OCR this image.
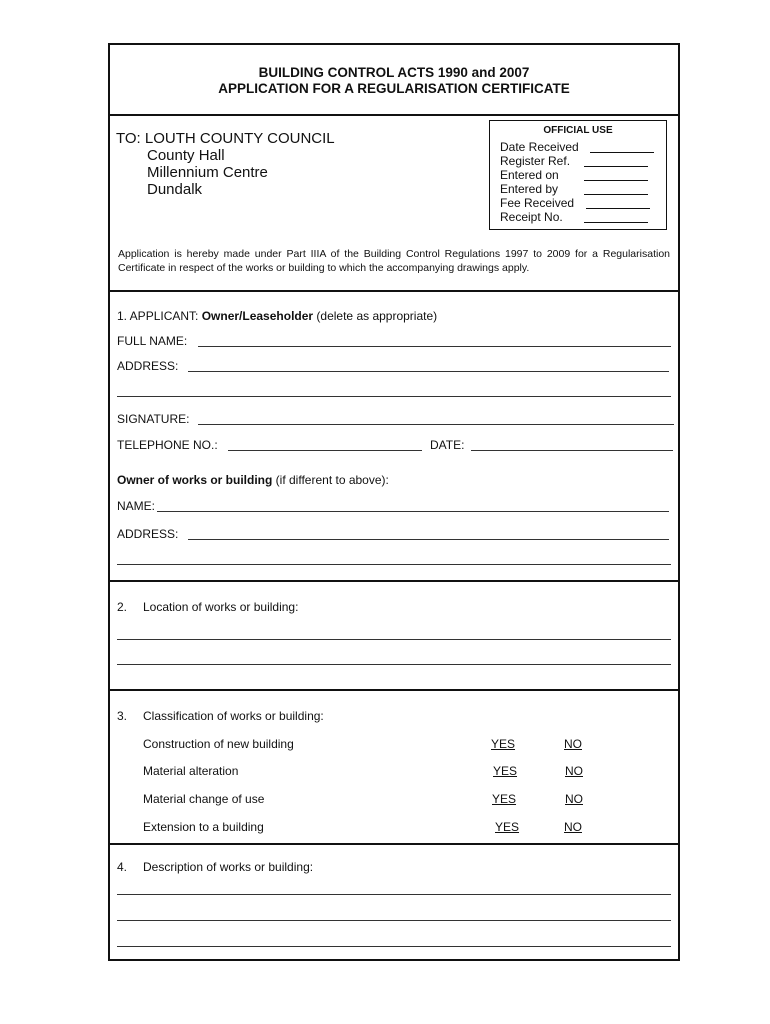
BUILDING CONTROL ACTS 1990 and 2007
APPLICATION FOR A REGULARISATION CERTIFICATE
TO: LOUTH COUNTY COUNCIL
County Hall
Millennium Centre
Dundalk
Application is hereby made under Part IIIA of the Building Control Regulations 1997 to 2009 for a Regularisation Certificate in respect of the works or building to which the accompanying drawings apply.
OFFICIAL USE
Date Received
Register Ref.
Entered on
Entered by
Fee Received
Receipt No.
1. APPLICANT: Owner/Leaseholder (delete as appropriate)
FULL NAME:
ADDRESS:
SIGNATURE:
TELEPHONE NO.:	DATE:
Owner of works or building (if different to above):
NAME:
ADDRESS:
2. Location of works or building:
3. Classification of works or building:
Construction of new building	YES	NO
Material alteration	YES	NO
Material change of use	YES	NO
Extension to a building	YES	NO
4. Description of works or building:
